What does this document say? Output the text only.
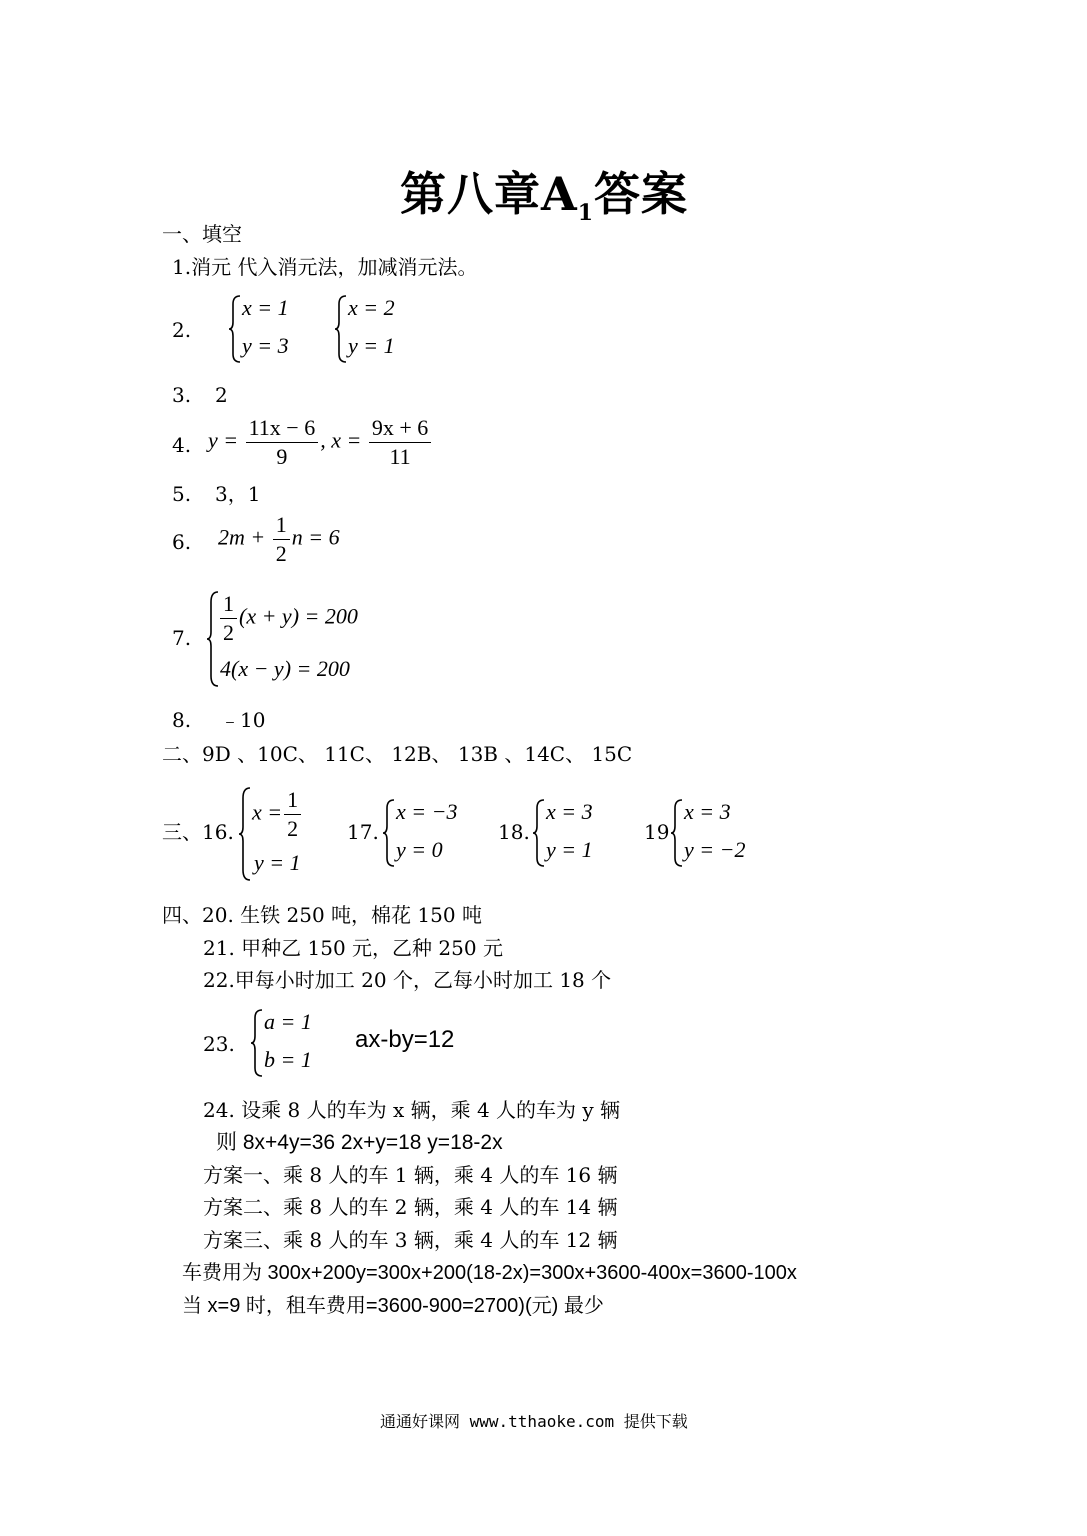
第八章$A_1$答案
一、填空
1.消元 代入消元法，加减消元法。
2.
x = 1
y = 3
x = 2
y = 1
3. 2
4. $y = \frac{11x - 6}{9}$ , $x = \frac{9x + 6}{11}$
5. 3，1
6. $2m + \frac{1}{2}$ n = 6
7. $\frac{1}{2} (x + y) = 200$
4(x − y) = 200
8. ﹣10
二、9D 、10C、 11C、 12B、 13B 、14C、 15C
三、16.
$x = \frac{1}{2}$
y = 1
17.
x = −3
y = 0
18.
x = 3
y = 1
19
x = 3
y = −2
四、20. 生铁 250 吨，棉花 150 吨
21. 甲种乙 150 元，乙种 250 元
22.甲每小时加工 20 个，乙每小时加工 18 个
23.
a = 1
b = 1
ax-by=12
24. 设乘 8 人的车为 x 辆，乘 4 人的车为 y 辆
则 8x+4y=36 2x+y=18 y=18-2x
方案一、乘 8 人的车 1 辆，乘 4 人的车 16 辆
方案二、乘 8 人的车 2 辆，乘 4 人的车 14 辆
方案三、乘 8 人的车 3 辆，乘 4 人的车 12 辆
车费用为 300x+200y=300x+200(18-2x)=300x+3600-400x=3600-100x
当 x=9 时，租车费用=3600-900=2700)(元) 最少
通通好课网 www.tthaoke.com 提供下载
